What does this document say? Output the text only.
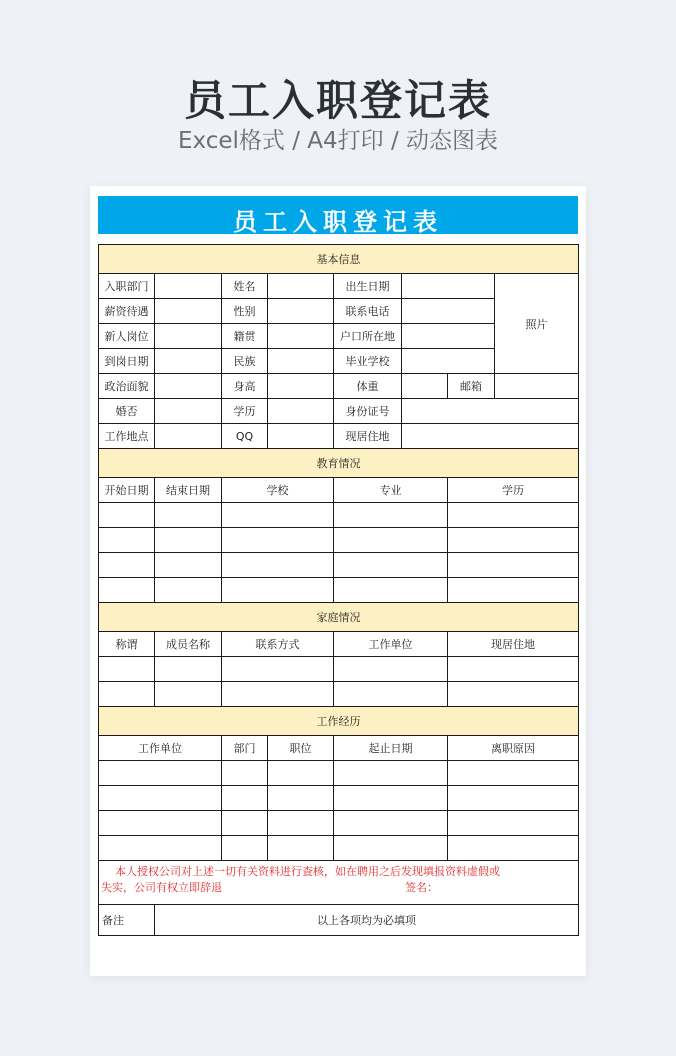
员工入职登记表
Excel格式 / A4打印 / 动态图表
员工入职登记表
基本信息							
入职部门		姓名		出生日期			照片
薪资待遇		性别		联系电话			
新人岗位		籍贯		户口所在地			
到岗日期		民族		毕业学校			
政治面貌		身高		体重		邮箱	
婚否		学历		身份证号			
工作地点		QQ		现居住地			
教育情况							
开始日期	结束日期	学校		专业		学历	

家庭情况							
称谓	成员名称	联系方式		工作单位		现居住地	

工作经历							
工作单位		部门	职位	起止日期		离职原因	

本人授权公司对上述一切有关资料进行查核，如在聘用之后发现填报资料虚假或
失实，公司有权立即辞退 签名：							

备注	以上各项均为必填项						
